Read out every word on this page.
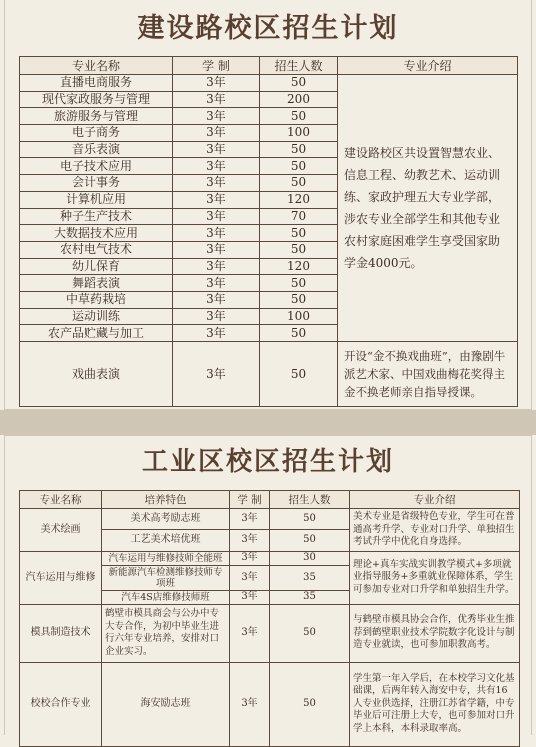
建设路校区招生计划
专业名称	学 制	招生人数	专业介绍
直播电商服务	3年	50	建设路校区共设置智慧农业、信息工程、幼教艺术、运动训练、家政护理五大专业学部，涉农专业全部学生和其他专业农村家庭困难学生享受国家助学金4000元。
现代家政服务与管理	3年	200	
旅游服务与管理	3年	50	
电子商务	3年	100	
音乐表演	3年	50	
电子技术应用	3年	50	
会计事务	3年	50	
计算机应用	3年	120	
种子生产技术	3年	70	
大数据技术应用	3年	50	
农村电气技术	3年	50	
幼儿保育	3年	120	
舞蹈表演	3年	50	
中草药栽培	3年	50	
运动训练	3年	100	
农产品贮藏与加工	3年	50	
戏曲表演	3年	50	开设“金不换戏曲班”，由豫剧牛派艺术家、中国戏曲梅花奖得主 金不换老师亲自指导授课。
工业区校区招生计划
专业名称	培养特色	学 制	招生人数	专业介绍
美术绘画	美术高考励志班	3年	50	美术专业是省级特色专业，学生可在普通高考升学、专业对口升学、单独招生考试升学中优化自身选择。
	工艺美术培优班	3年	50	
汽车运用与维修	汽车运用与维修技师全能班	3年	30	理论+真车实战实训教学模式+多项就业指导服务+多重就业保障体系，学生可参加专业对口升学和单独招生升学。
	新能源汽车检测维修技师专项班	3年	35	
	汽车4S店维修技师班	3年	35	
模具制造技术	鹤壁市模具商会与公办中专大专合作，为初中毕业生进行六年专业培养，安排对口企业实习。	3年	50	与鹤壁市模具协会合作，优秀毕业生推荐到鹤壁职业技术学院数字化设计与制造专业就读，也可参加职教高考。
校校合作专业	海安励志班	3年	50	学生第一年入学后，在本校学习文化基础课，后两年转入海安中专，共有16人专业供选择，注册江苏省学籍，中专毕业后可注册上大专，也可参加对口升学上本科，本科录取率高。
